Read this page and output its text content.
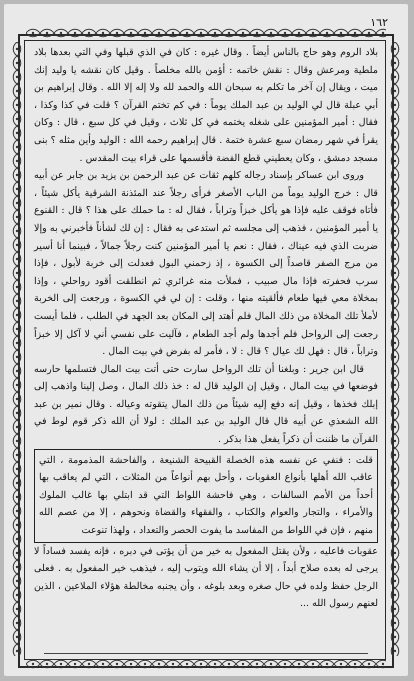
١٦٢

بلاد الروم وهو حاج بالناس أيضاً . وقال غيره : كان في الذي قبلها وفي التي بعدها بلاد ملطية ومرعش وقال : نقش خاتمه : أؤمن بالله مخلصاً . وقيل كان نقشه يا وليد إنك ميت ، ويقال إن آخر ما تكلم به سبحان الله والحمد لله ولا إله إلا الله . وقال إبراهيم بن أبي عبلة قال لي الوليد بن عبد الملك يوماً : في كم تختم القرآن ؟ قلت في كذا وكذا ، فقال : أمير المؤمنين على شغله يختمه في كل ثلاث ، وقيل في كل سبع ، قال : وكان يقرأ في شهر رمضان سبع عشرة ختمة . قال إبراهيم رحمه الله : الوليد وأين مثله ؟ بنى مسجد دمشق ، وكان يعطيني قطع الفضة فأقسمها على قراء بيت المقدس .

وروى ابن عساكر بإسناد رجاله كلهم ثقات عن عبد الرحمن بن يزيد بن جابر عن أبيه قال : خرج الوليد يوماً من الباب الأصغر فرأى رجلاً عند المئذنة الشرقية يأكل شيئاً ، فأتاه فوقف عليه فإذا هو يأكل خبزاً وتراباً ، فقال له : ما حملك على هذا ؟ قال : القنوع يا أمير المؤمنين ، فذهب إلى مجلسه ثم استدعى به فقال : إن لك لشأناً فأخبرني به وإلا ضربت الذي فيه عيناك ، فقال : نعم يا أمير المؤمنين كنت رجلاً جمالاً ، فبينما أنا أسير من مرج الصفر قاصداً إلى الكسوة ، إذ زحمني البول فعدلت إلى خربة لأبول ، فإذا سرب فحفرته فإذا مال صبيب ، فملأت منه غرائري ثم انطلقت أقود رواحلي ، وإذا بمخلاة معي فيها طعام فألقيته منها ، وقلت : إن لي في الكسوة ، ورجعت إلى الخربة لأملأ تلك المخلاة من ذلك المال فلم أهتد إلى المكان بعد الجهد في الطلب ، فلما أيست رجعت إلى الرواحل فلم أجدها ولم أجد الطعام ، فآليت على نفسي أني لا آكل إلا خبزاً وتراباً ، قال : فهل لك عيال ؟ قال : لا ، فأمر له بفرض في بيت المال .

قال ابن جرير : وبلغنا أن تلك الرواحل سارت حتى أتت بيت المال فتسلمها حارسه فوضعها في بيت المال ، وقيل إن الوليد قال له : خذ ذلك المال ، وصل إلينا واذهب إلى إبلك فخذها ، وقيل إنه دفع إليه شيئاً من ذلك المال يتقوته وعياله . وقال نمير بن عبد الله الشعذي عن أبيه قال قال الوليد بن عبد الملك : لولا أن الله ذكر قوم لوط في القرآن ما ظننت أن ذكراً يفعل هذا بذكر .

قلت : فنفي عن نفسه هذه الخصلة القبيحة الشنيعة ، والفاحشة المذمومة ، التي عاقب الله أهلها بأنواع العقوبات ، وأحل بهم أنواعاً من المثلات ، التي لم يعاقب بها أحداً من الأمم السالفات ، وهي فاحشة اللواط التي قد ابتلي بها غالب الملوك والأمراء ، والتجار والعوام والكتاب ، والفقهاء والقضاة ونحوهم ، إلا من عصم الله منهم ، فإن في اللواط من المفاسد ما يفوت الحصر والتعداد ، ولهذا تنوعت

عقوبات فاعليه ، ولأن يقتل المفعول به خير من أن يؤتى في دبره ، فإنه يفسد فساداً لا يرجى له بعده صلاح أبداً ، إلا أن يشاء الله ويتوب إليه ، فيذهب خير المفعول به . فعلى الرجل حفظ ولده في حال صغره وبعد بلوغه ، وأن يجنبه مخالطة هؤلاء الملاعين ، الذين لعنهم رسول الله ...
